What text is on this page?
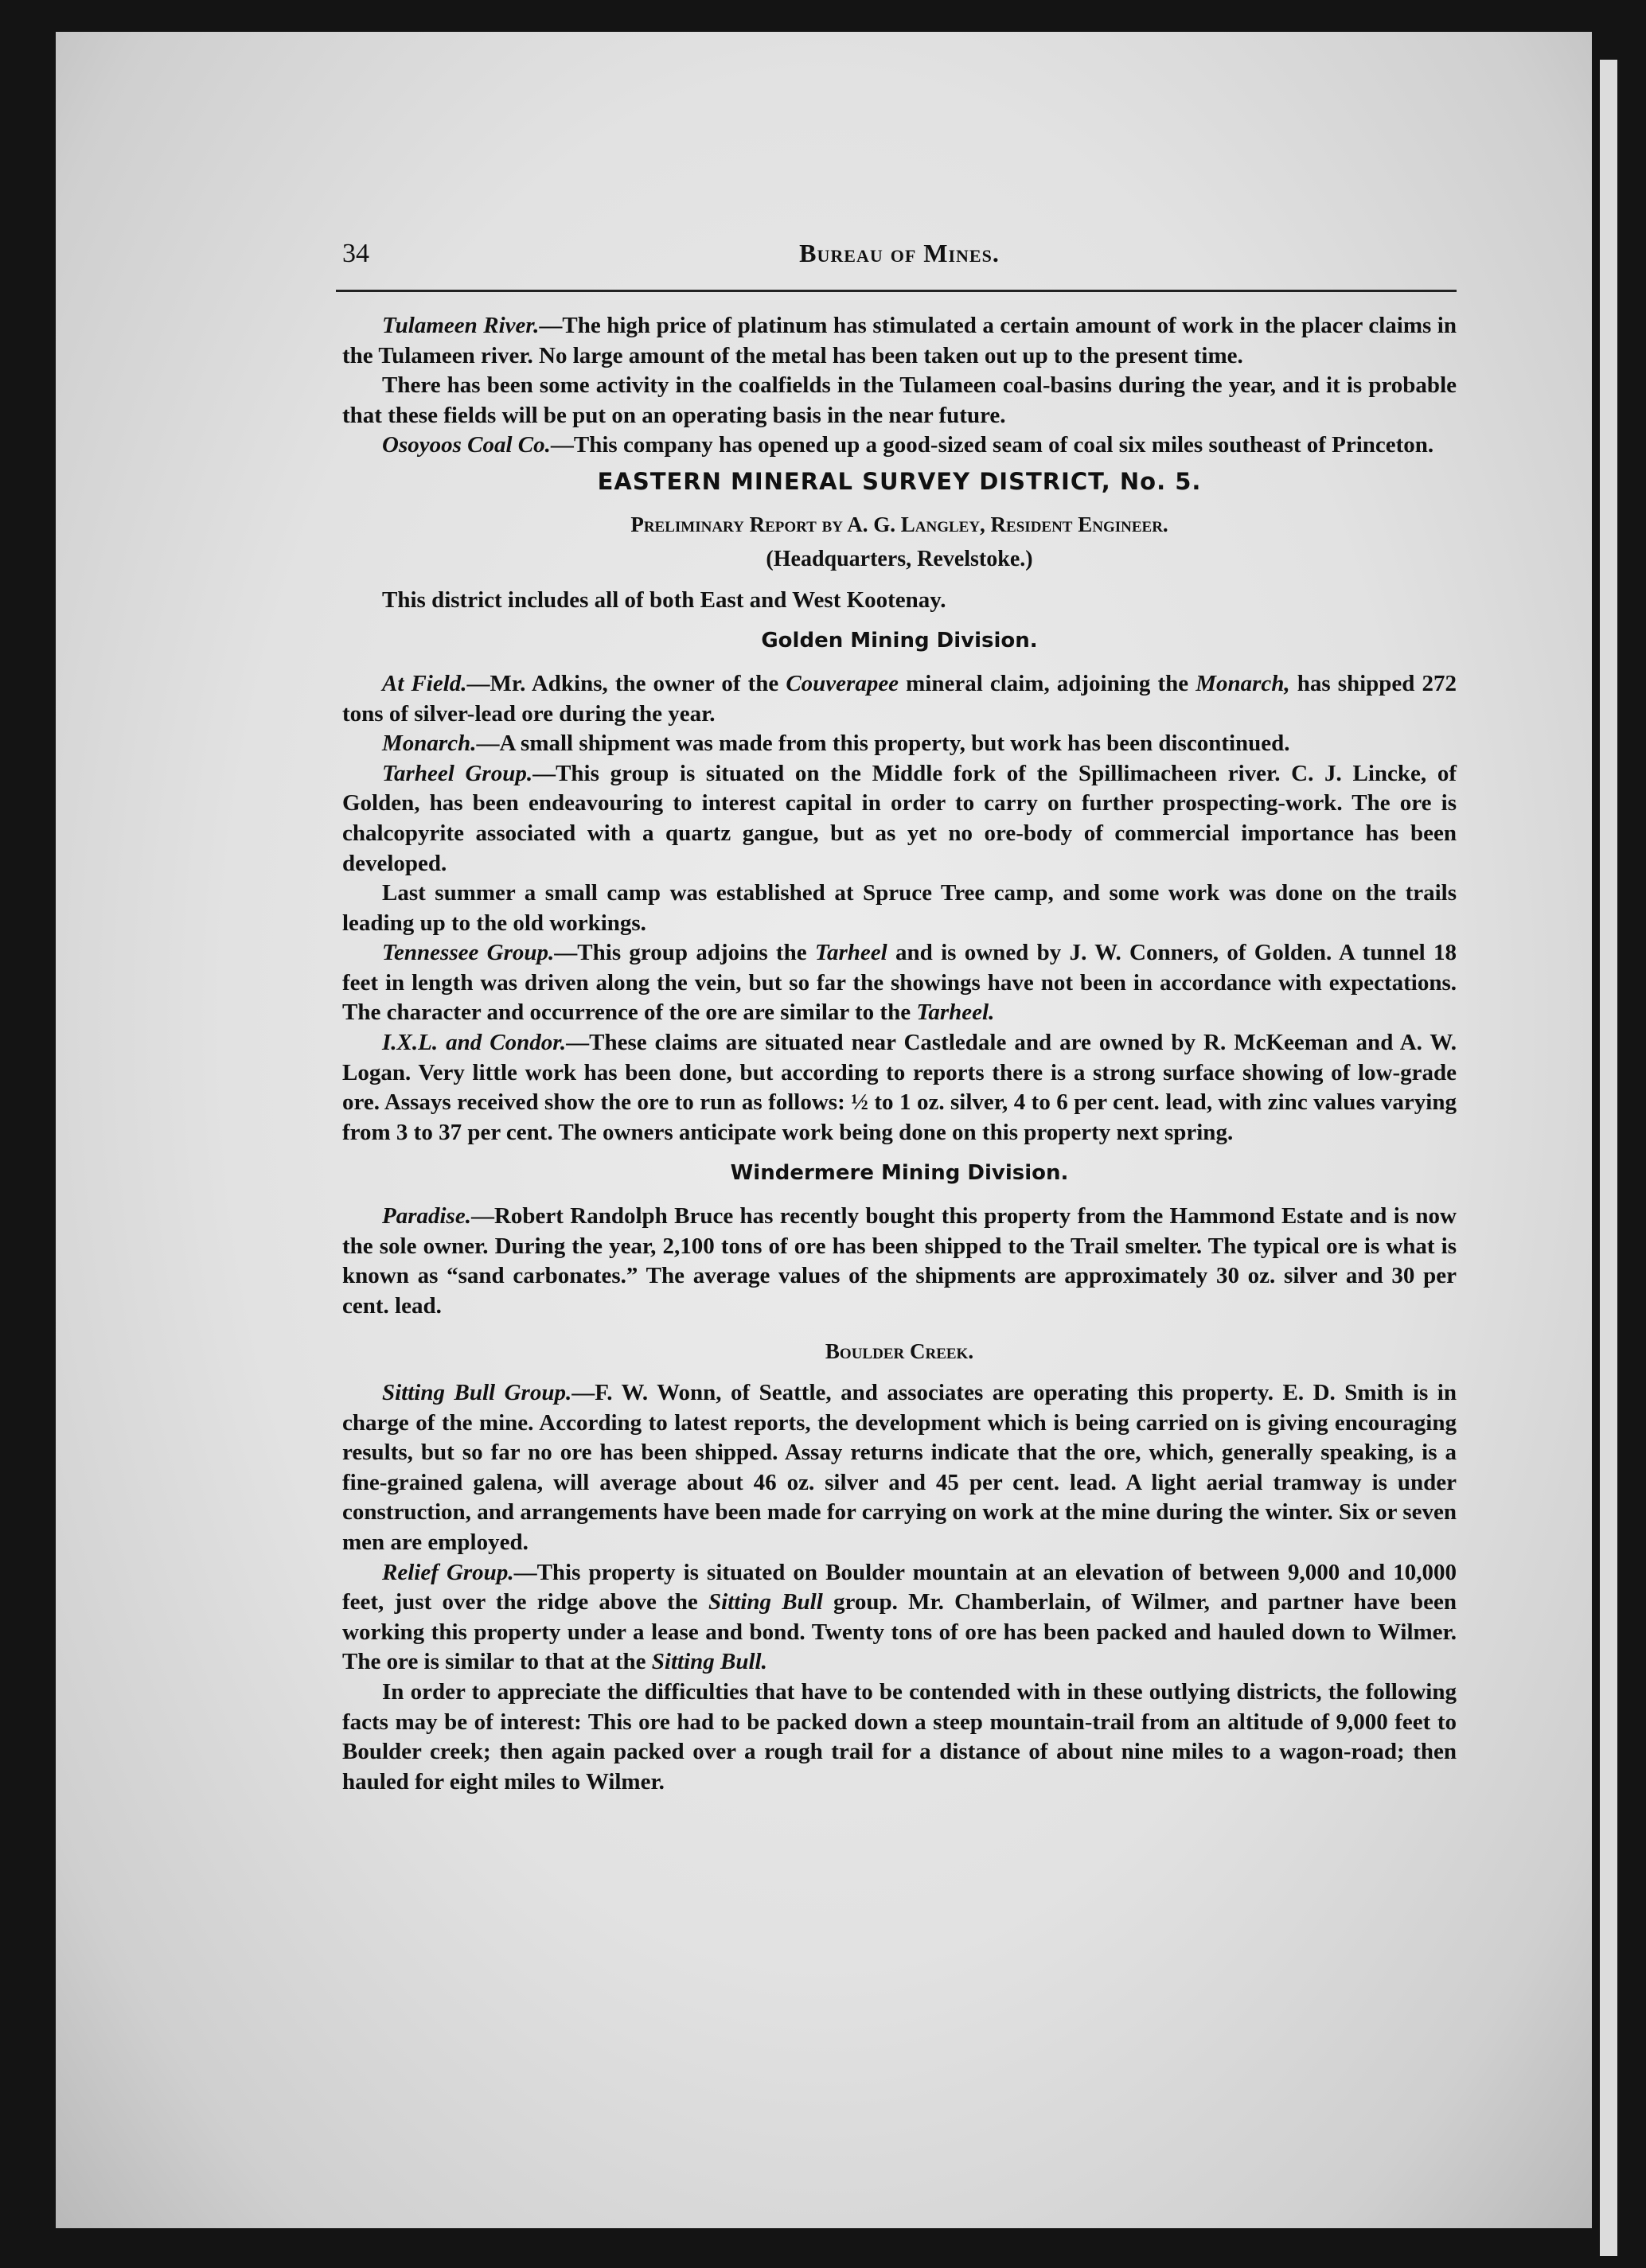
34	Bureau of Mines.

Tulameen River.—The high price of platinum has stimulated a certain amount of work in the placer claims in the Tulameen river. No large amount of the metal has been taken out up to the present time.

There has been some activity in the coalfields in the Tulameen coal-basins during the year, and it is probable that these fields will be put on an operating basis in the near future.

Osoyoos Coal Co.—This company has opened up a good-sized seam of coal six miles southeast of Princeton.

EASTERN MINERAL SURVEY DISTRICT, No. 5.
Preliminary Report by A. G. Langley, Resident Engineer.
(Headquarters, Revelstoke.)

This district includes all of both East and West Kootenay.

Golden Mining Division.

At Field.—Mr. Adkins, the owner of the Couverapee mineral claim, adjoining the Monarch, has shipped 272 tons of silver-lead ore during the year.

Monarch.—A small shipment was made from this property, but work has been discontinued.

Tarheel Group.—This group is situated on the Middle fork of the Spillimacheen river. C. J. Lincke, of Golden, has been endeavouring to interest capital in order to carry on further prospecting-work. The ore is chalcopyrite associated with a quartz gangue, but as yet no ore-body of commercial importance has been developed.

Last summer a small camp was established at Spruce Tree camp, and some work was done on the trails leading up to the old workings.

Tennessee Group.—This group adjoins the Tarheel and is owned by J. W. Conners, of Golden. A tunnel 18 feet in length was driven along the vein, but so far the showings have not been in accordance with expectations. The character and occurrence of the ore are similar to the Tarheel.

I.X.L. and Condor.—These claims are situated near Castledale and are owned by R. McKeeman and A. W. Logan. Very little work has been done, but according to reports there is a strong surface showing of low-grade ore. Assays received show the ore to run as follows: ½ to 1 oz. silver, 4 to 6 per cent. lead, with zinc values varying from 3 to 37 per cent. The owners anticipate work being done on this property next spring.

Windermere Mining Division.

Paradise.—Robert Randolph Bruce has recently bought this property from the Hammond Estate and is now the sole owner. During the year, 2,100 tons of ore has been shipped to the Trail smelter. The typical ore is what is known as “sand carbonates.” The average values of the shipments are approximately 30 oz. silver and 30 per cent. lead.

Boulder Creek.

Sitting Bull Group.—F. W. Wonn, of Seattle, and associates are operating this property. E. D. Smith is in charge of the mine. According to latest reports, the development which is being carried on is giving encouraging results, but so far no ore has been shipped. Assay returns indicate that the ore, which, generally speaking, is a fine-grained galena, will average about 46 oz. silver and 45 per cent. lead. A light aerial tramway is under construction, and arrangements have been made for carrying on work at the mine during the winter. Six or seven men are employed.

Relief Group.—This property is situated on Boulder mountain at an elevation of between 9,000 and 10,000 feet, just over the ridge above the Sitting Bull group. Mr. Chamberlain, of Wilmer, and partner have been working this property under a lease and bond. Twenty tons of ore has been packed and hauled down to Wilmer. The ore is similar to that at the Sitting Bull.

In order to appreciate the difficulties that have to be contended with in these outlying districts, the following facts may be of interest: This ore had to be packed down a steep mountain-trail from an altitude of 9,000 feet to Boulder creek; then again packed over a rough trail for a distance of about nine miles to a wagon-road; then hauled for eight miles to Wilmer.
